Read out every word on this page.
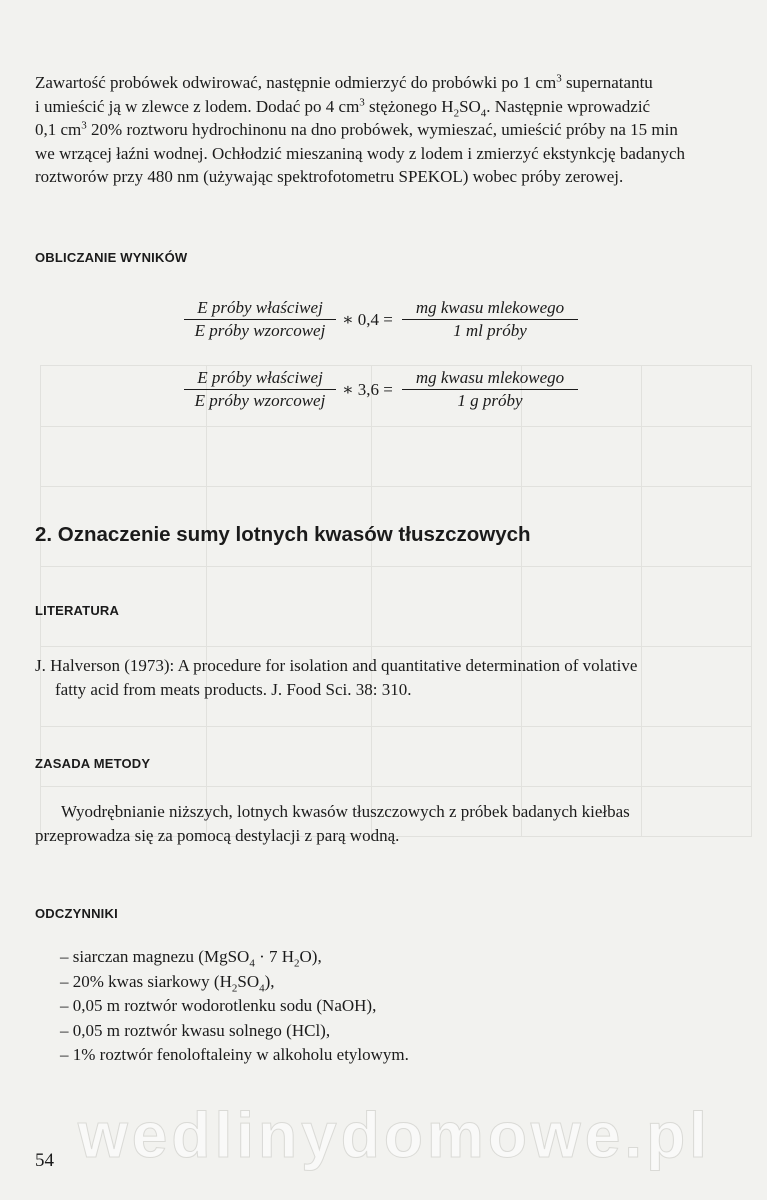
Zawartość probówek odwirować, następnie odmierzyć do probówki po 1 $cm^3$ supernatantu
i umieścić ją w zlewce z lodem. Dodać po 4 $cm^3$ stężonego $H_2SO_4$. Następnie wprowadzić
0,1 $cm^3$ 20% roztworu hydrochinonu na dno probówek, wymieszać, umieścić próby na 15 min
we wrzącej łaźni wodnej. Ochłodzić mieszaniną wody z lodem i zmierzyć ekstynkcję badanych
roztworów przy 480 nm (używając spektrofotometru SPEKOL) wobec próby zerowej.
OBLICZANIE WYNIKÓW
E próby właściwej
E próby wzorcowej
∗ 0,4 =
mg kwasu mlekowego
1 ml próby
E próby właściwej
E próby wzorcowej
∗ 3,6 =
mg kwasu mlekowego
1 g próby
2. Oznaczenie sumy lotnych kwasów tłuszczowych
LITERATURA
J. Halverson (1973): A procedure for isolation and quantitative determination of volative
fatty acid from meats products. J. Food Sci. 38: 310.
ZASADA METODY
Wyodrębnianie niższych, lotnych kwasów tłuszczowych z próbek badanych kiełbas
przeprowadza się za pomocą destylacji z parą wodną.
ODCZYNNIKI
– siarczan magnezu (MgSO$_4$ · 7 $H_2O$),
– 20% kwas siarkowy $(H_2SO_4)$,
– 0,05 m roztwór wodorotlenku sodu (NaOH),
– 0,05 m roztwór kwasu solnego (HCl),
– 1% roztwór fenoloftaleiny w alkoholu etylowym.
wedlinydomowe.pl
54
